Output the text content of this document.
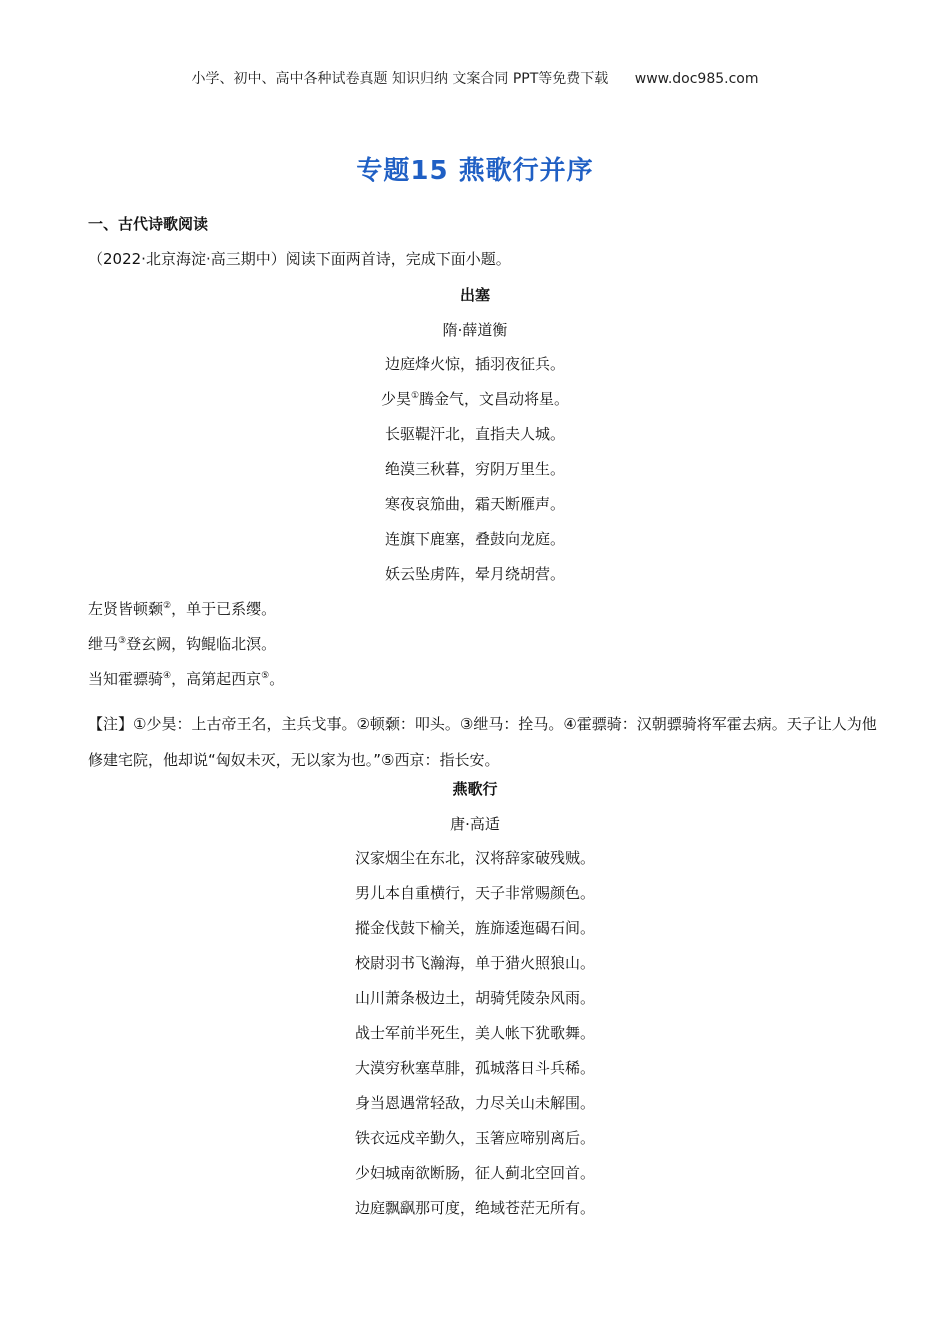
小学、初中、高中各种试卷真题 知识归纳 文案合同 PPT等免费下载 www.doc985.com
专题15 燕歌行并序
一、古代诗歌阅读
（2022·北京海淀·高三期中）阅读下面两首诗，完成下面小题。
出塞
隋·薛道衡
边庭烽火惊，插羽夜征兵。
少昊①腾金气，文昌动将星。
长驱鞮汗北，直指夫人城。
绝漠三秋暮，穷阴万里生。
寒夜哀笳曲，霜天断雁声。
连旗下鹿塞，叠鼓向龙庭。
妖云坠虏阵，晕月绕胡营。
左贤皆顿颡②，单于已系缨。
绁马③登玄阙，钩鲲临北溟。
当知霍骠骑④，高第起西京⑤。
【注】①少昊：上古帝王名，主兵戈事。②顿颡：叩头。③绁马：拴马。④霍骠骑：汉朝骠骑将军霍去病。天子让人为他修建宅院，他却说“匈奴未灭，无以家为也。”⑤西京：指长安。
燕歌行
唐·高适
汉家烟尘在东北，汉将辞家破残贼。
男儿本自重横行，天子非常赐颜色。
摐金伐鼓下榆关，旌旆逶迤碣石间。
校尉羽书飞瀚海，单于猎火照狼山。
山川萧条极边土，胡骑凭陵杂风雨。
战士军前半死生，美人帐下犹歌舞。
大漠穷秋塞草腓，孤城落日斗兵稀。
身当恩遇常轻敌，力尽关山未解围。
铁衣远戍辛勤久，玉箸应啼别离后。
少妇城南欲断肠，征人蓟北空回首。
边庭飘飖那可度，绝域苍茫无所有。
